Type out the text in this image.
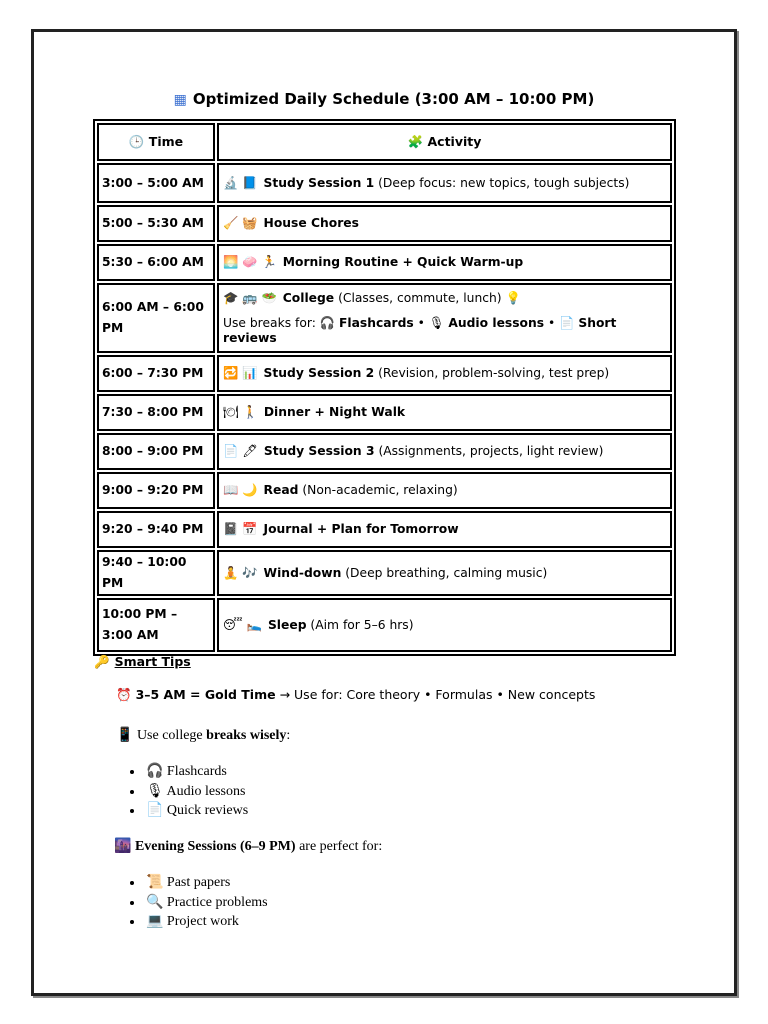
▦ Optimized Daily Schedule (3:00 AM – 10:00 PM)
🕒 Time	🧩 Activity
3:00 – 5:00 AM	🔬 📘 Study Session 1 (Deep focus: new topics, tough subjects)

5:00 – 5:30 AM	🧹 🧺 House Chores

5:30 – 6:00 AM	🌅 🧼 🏃 Morning Routine + Quick Warm-up

6:00 AM – 6:00 PM	🎓 🚌 🥗 College (Classes, commute, lunch) 💡
Use breaks for: 🎧 Flashcards • 🎙 Audio lessons • 📄 Short reviews

6:00 – 7:30 PM	🔁 📊 Study Session 2 (Revision, problem-solving, test prep)

7:30 – 8:00 PM	🍽 🚶 Dinner + Night Walk

8:00 – 9:00 PM	📄 🖊 Study Session 3 (Assignments, projects, light review)

9:00 – 9:20 PM	📖 🌙 Read (Non-academic, relaxing)

9:20 – 9:40 PM	📓 📅 Journal + Plan for Tomorrow

9:40 – 10:00 PM	🧘 🎶 Wind-down (Deep breathing, calming music)

10:00 PM – 3:00 AM	😴 🛌 Sleep (Aim for 5–6 hrs)
🔑 Smart Tips
⏰ 3–5 AM = Gold Time → Use for: Core theory • Formulas • New concepts
📱 Use college breaks wisely:
• 🎧 Flashcards
• 🎙 Audio lessons
• 📄 Quick reviews
🌆 Evening Sessions (6–9 PM) are perfect for:
• 📜 Past papers
• 🔍 Practice problems
• 💻 Project work
